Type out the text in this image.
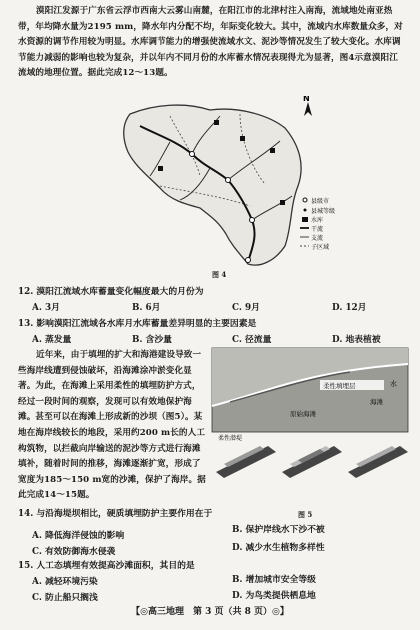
漠阳江发源于广东省云浮市西南大云雾山南麓，在阳江市的北津村注入南海，流域地处南亚热带，年均降水量为2195 mm，降水年内分配不均，年际变化较大。其中，流域内水库数量众多，对水资源的调节作用较为明显。水库调节能力的增强使流域水文、泥沙等情况发生了较大变化。水库调节能力减弱的影响也较为复杂，并以年内不同月份的水库蓄水情况表现得尤为显著，图4示意漠阳江流域的地理位置。据此完成12～13题。

N
县级市
县城等级
水库
干流
支流
子区域
图 4
12. 漠阳江流域水库蓄量变化幅度最大的月份为
A. 3月	B. 6月	C. 9月	D. 12月
13. 影响漠阳江流域各水库月水库蓄量差异明显的主要因素是
A. 蒸发量	B. 含沙量	C. 径流量	D. 地表植被

近年来，由于填埋的扩大和海港建设导致一些海岸线遭到侵蚀破坏，沿海滩涂冲淤变化显著。为此，在海滩上采用柔性的填埋防护方式，经过一段时间的观察，发现可以有效地保护海滩。甚至可以在海滩上形成新的沙坝（图5）。某地在海岸线较长的地段，采用约200 m长的人工构筑物，以拦截向岸输送的泥沙等方式进行海滩填补，随着时间的推移，海滩逐渐扩宽，形成了宽度为185～150 m宽的沙滩，保护了海岸。据此完成14～15题。

柔性填埋层
海滩
水
原始海滩
柔性潜堤
图 5
14. 与沿海堤坝相比，硬质填埋防护主要作用在于
A. 降低海洋侵蚀的影响
B. 保护岸线水下沙不被
C. 有效防御海水侵袭	D. 减少水生植物多样性
15. 人工态填埋有效提高沙滩面积，其目的是
A. 减轻环境污染	B. 增加城市安全等级
C. 防止船只搁浅	D. 为鸟类提供栖息地
【◎高三地理　第 3 页（共 8 页）◎】
